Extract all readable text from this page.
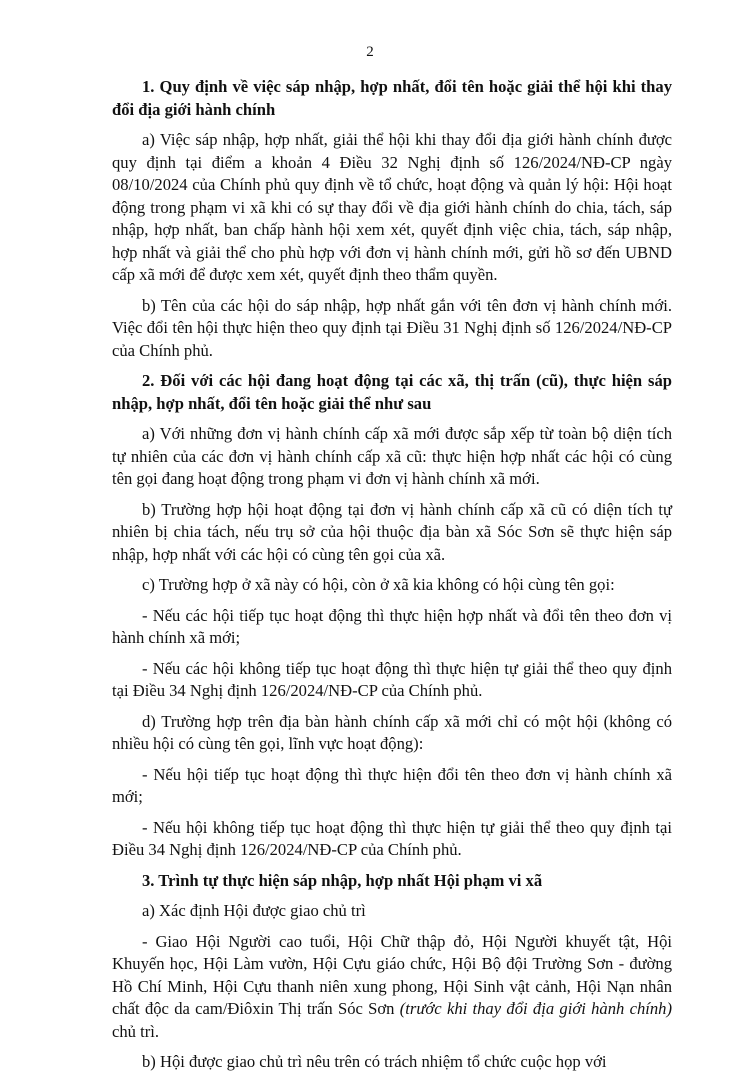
2

1. Quy định về việc sáp nhập, hợp nhất, đổi tên hoặc giải thể hội khi thay đổi địa giới hành chính

a) Việc sáp nhập, hợp nhất, giải thể hội khi thay đổi địa giới hành chính được quy định tại điểm a khoản 4 Điều 32 Nghị định số 126/2024/NĐ-CP ngày 08/10/2024 của Chính phủ quy định về tổ chức, hoạt động và quản lý hội: Hội hoạt động trong phạm vi xã khi có sự thay đổi về địa giới hành chính do chia, tách, sáp nhập, hợp nhất, ban chấp hành hội xem xét, quyết định việc chia, tách, sáp nhập, hợp nhất và giải thể cho phù hợp với đơn vị hành chính mới, gửi hồ sơ đến UBND cấp xã mới để được xem xét, quyết định theo thẩm quyền.

b) Tên của các hội do sáp nhập, hợp nhất gắn với tên đơn vị hành chính mới. Việc đổi tên hội thực hiện theo quy định tại Điều 31 Nghị định số 126/2024/NĐ-CP của Chính phủ.

2. Đối với các hội đang hoạt động tại các xã, thị trấn (cũ), thực hiện sáp nhập, hợp nhất, đổi tên hoặc giải thể như sau

a) Với những đơn vị hành chính cấp xã mới được sắp xếp từ toàn bộ diện tích tự nhiên của các đơn vị hành chính cấp xã cũ: thực hiện hợp nhất các hội có cùng tên gọi đang hoạt động trong phạm vi đơn vị hành chính xã mới.

b) Trường hợp hội hoạt động tại đơn vị hành chính cấp xã cũ có diện tích tự nhiên bị chia tách, nếu trụ sở của hội thuộc địa bàn xã Sóc Sơn sẽ thực hiện sáp nhập, hợp nhất với các hội có cùng tên gọi của xã.

c) Trường hợp ở xã này có hội, còn ở xã kia không có hội cùng tên gọi:

- Nếu các hội tiếp tục hoạt động thì thực hiện hợp nhất và đổi tên theo đơn vị hành chính xã mới;

- Nếu các hội không tiếp tục hoạt động thì thực hiện tự giải thể theo quy định tại Điều 34 Nghị định 126/2024/NĐ-CP của Chính phủ.

d) Trường hợp trên địa bàn hành chính cấp xã mới chỉ có một hội (không có nhiều hội có cùng tên gọi, lĩnh vực hoạt động):

- Nếu hội tiếp tục hoạt động thì thực hiện đổi tên theo đơn vị hành chính xã mới;

- Nếu hội không tiếp tục hoạt động thì thực hiện tự giải thể theo quy định tại Điều 34 Nghị định 126/2024/NĐ-CP của Chính phủ.

3. Trình tự thực hiện sáp nhập, hợp nhất Hội phạm vi xã

a) Xác định Hội được giao chủ trì

- Giao Hội Người cao tuổi, Hội Chữ thập đỏ, Hội Người khuyết tật, Hội Khuyến học, Hội Làm vườn, Hội Cựu giáo chức, Hội Bộ đội Trường Sơn - đường Hồ Chí Minh, Hội Cựu thanh niên xung phong, Hội Sinh vật cảnh, Hội Nạn nhân chất độc da cam/Điôxin Thị trấn Sóc Sơn (trước khi thay đổi địa giới hành chính) chủ trì.

b) Hội được giao chủ trì nêu trên có trách nhiệm tổ chức cuộc họp với
